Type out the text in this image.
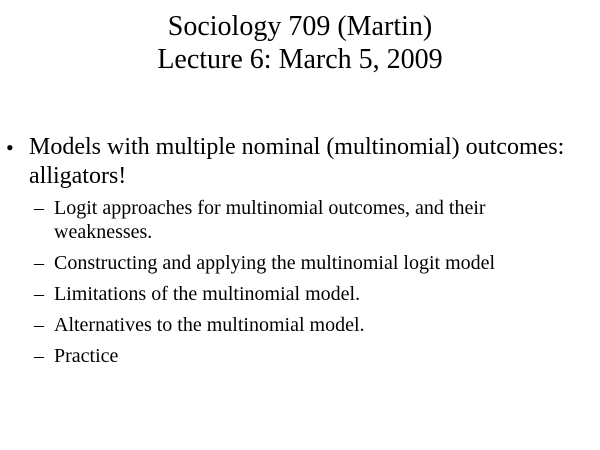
Sociology 709 (Martin)
Lecture 6: March 5, 2009
• Models with multiple nominal (multinomial) outcomes: alligators!
– Logit approaches for multinomial outcomes, and their weaknesses.
– Constructing and applying the multinomial logit model
– Limitations of the multinomial model.
– Alternatives to the multinomial model.
– Practice
